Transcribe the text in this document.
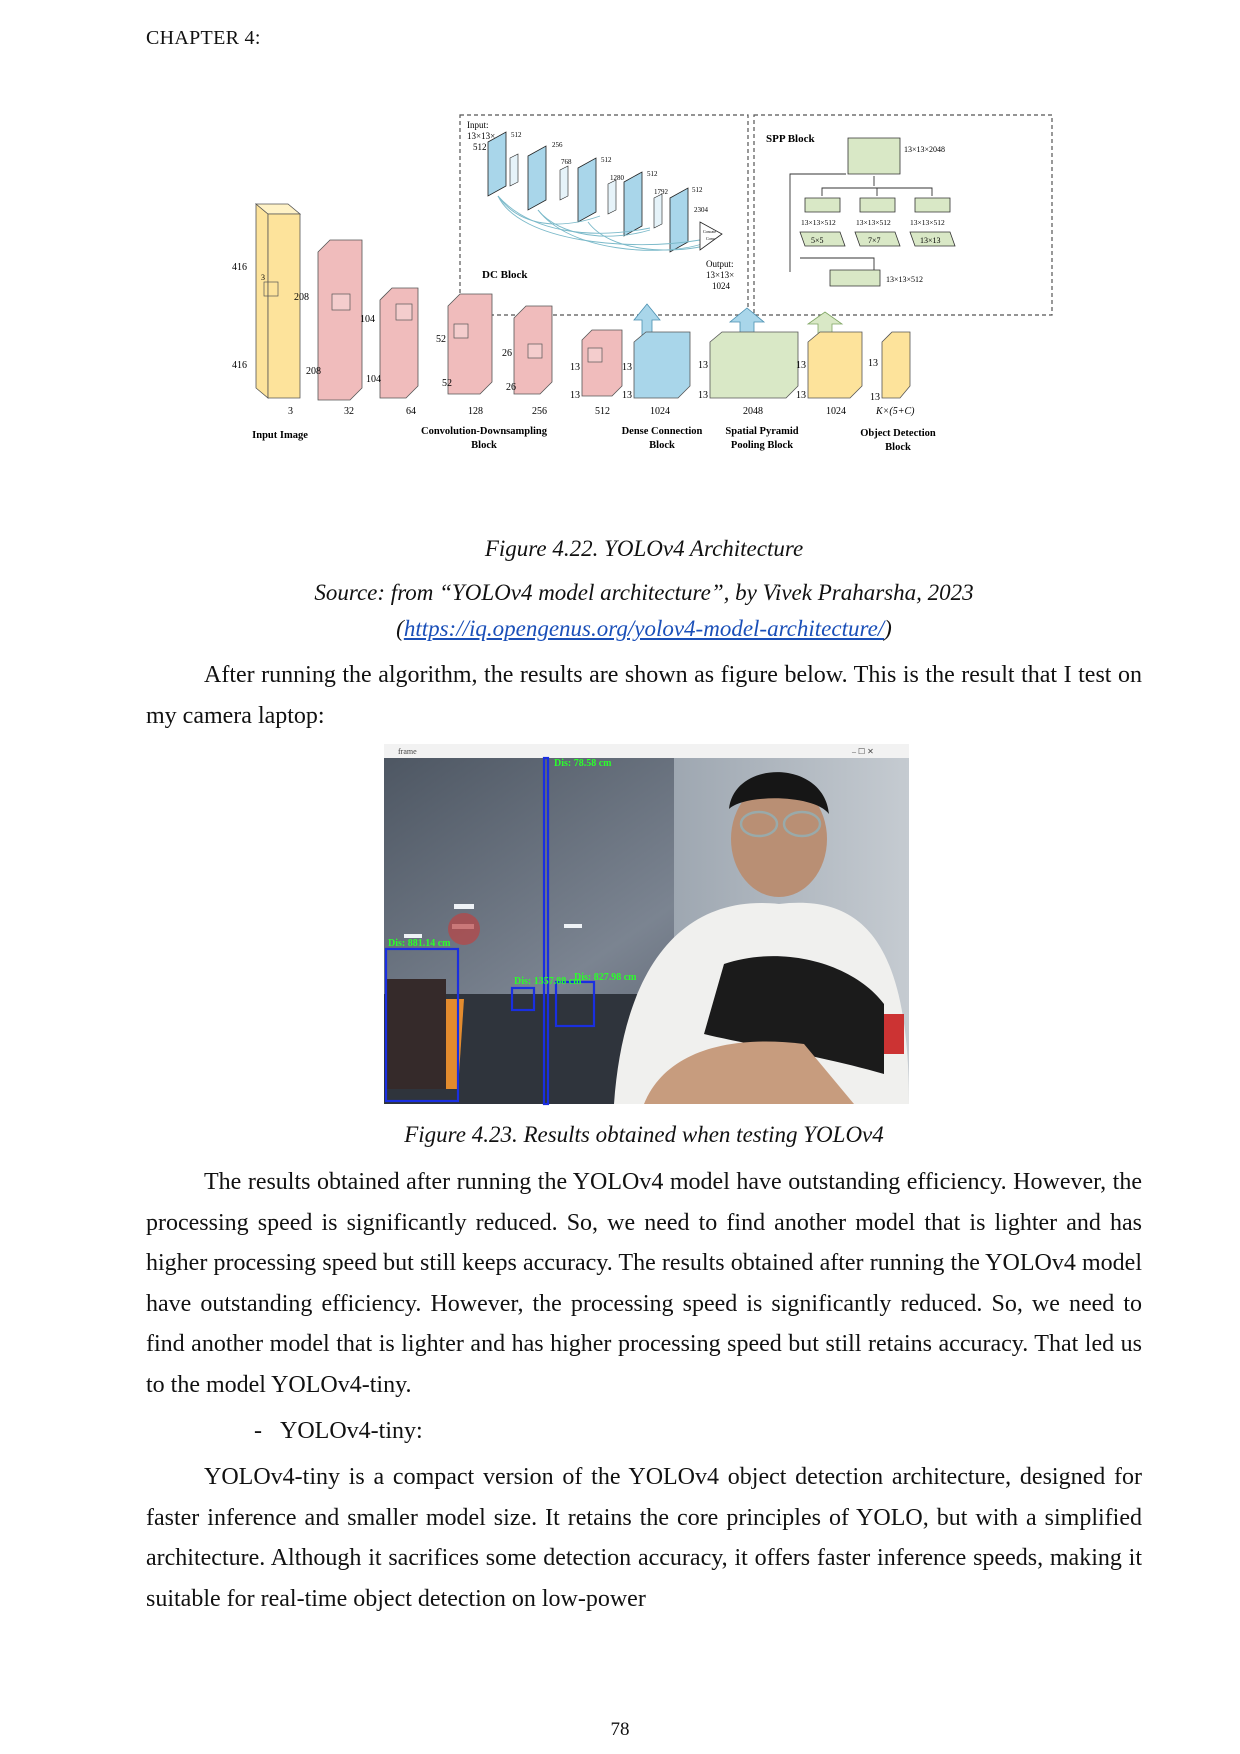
CHAPTER 4:
Input:
13×13×
512
512
256
768	512
1280	512
1792	512
2304
Concate
Conv
DC Block
Output:
13×13×
1024
SPP Block
13×13×2048
13×13×512	13×13×512	13×13×512
5×5	7×7	13×13
13×13×512
416
416
3
208
208
32
104
104
64
52
52
128
26
26
256
13
13
512
13
13
1024
13
13
2048
13
13
1024
13
13
K×(5+C)
3
Input Image	Convolution-Downsampling
Block
Dense Connection
Block
Spatial Pyramid
Pooling Block
Object Detection
Block
Figure 4.22. YOLOv4 Architecture
Source: from “YOLOv4 model architecture”, by Vivek Praharsha, 2023
(https://iq.opengenus.org/yolov4-model-architecture/)

After running the algorithm, the results are shown as figure below. This is the result that I test on my camera laptop:

frame	– ☐ ✕
Dis: 78.58 cm
Dis: 881.14 cm
Dis: 1357.88 cm
Dis: 827.98 cm
Figure 4.23. Results obtained when testing YOLOv4

The results obtained after running the YOLOv4 model have outstanding efficiency. However, the processing speed is significantly reduced. So, we need to find another model that is lighter and has higher processing speed but still keeps accuracy. The results obtained after running the YOLOv4 model have outstanding efficiency. However, the processing speed is significantly reduced. So, we need to find another model that is lighter and has higher processing speed but still retains accuracy. That led us to the model YOLOv4-tiny.

- YOLOv4-tiny:

YOLOv4-tiny is a compact version of the YOLOv4 object detection architecture, designed for faster inference and smaller model size. It retains the core principles of YOLO, but with a simplified architecture. Although it sacrifices some detection accuracy, it offers faster inference speeds, making it suitable for real-time object detection on low-power

78
